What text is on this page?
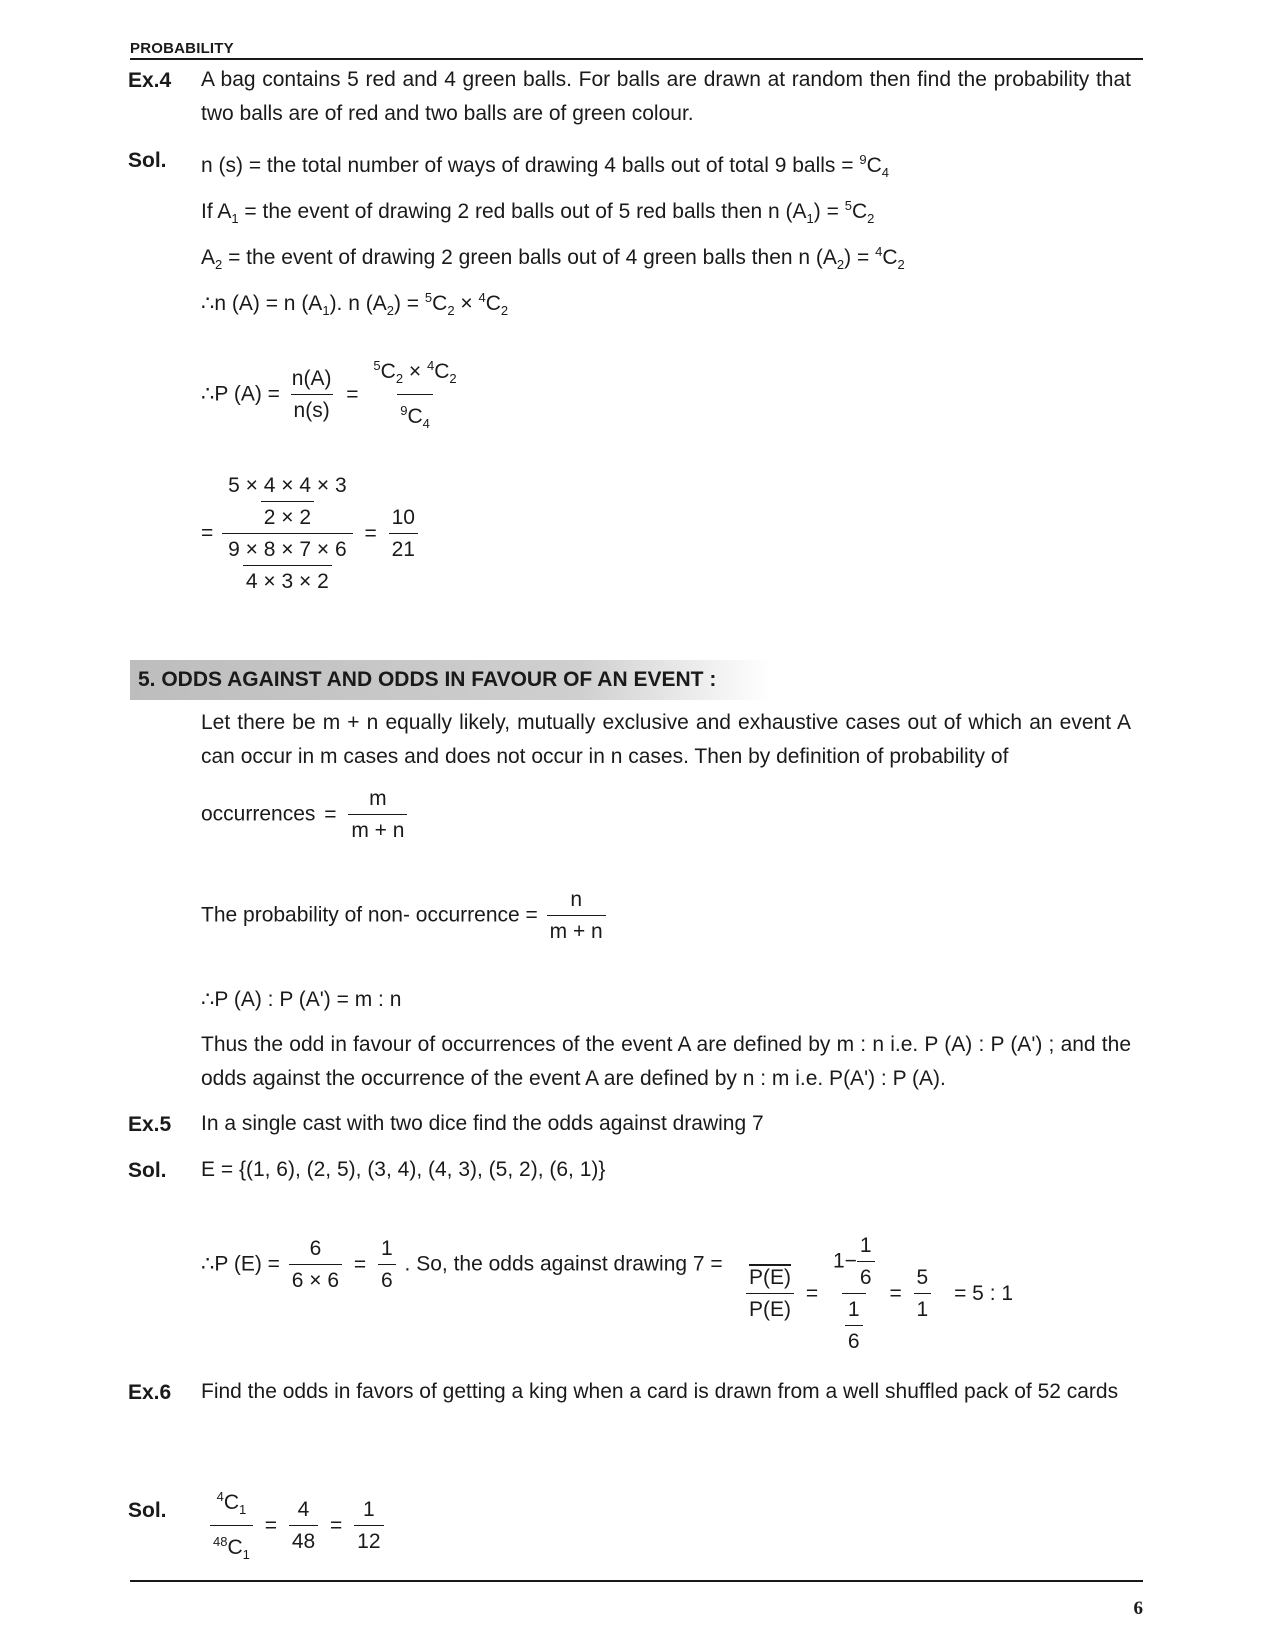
PROBABILITY
Ex.4 A bag contains 5 red and 4 green balls. For balls are drawn at random then find the probability that two balls are of red and two balls are of green colour.
Sol. n (s) = the total number of ways of drawing 4 balls out of total 9 balls = $^9C_4$
If $A_1$ = the event of drawing 2 red balls out of 5 red balls then n $(A_1) = ^5C_2$
$A_2$ = the event of drawing 2 green balls out of 4 green balls then n $(A_2) = ^4C_2$
∴n (A) = n $(A_1)$. n $(A_2) = ^5C_2 \times ^4C_2$
∴P $(A) = \frac{n(A)}{n(s)} = \frac{^5C_2 \times ^4C_2}{^9C_4}$
= $\frac{\frac{5 \times 4 \times 4 \times 3}{2 \times 2}}{\frac{9 \times 8 \times 7 \times 6}{4 \times 3 \times 2}} = \frac{10}{21}$
5. ODDS AGAINST AND ODDS IN FAVOUR OF AN EVENT :
Let there be m + n equally likely, mutually exclusive and exhaustive cases out of which an event A can occur in m cases and does not occur in n cases. Then by definition of probability of
occurrences = $\frac{m}{m + n}$
The probability of non- occurrence = $\frac{n}{m + n}$
∴P (A) : P (A') = m : n
Thus the odd in favour of occurrences of the event A are defined by m : n i.e. P (A) : P (A') ; and the odds against the occurrence of the event A are defined by n : m i.e. P(A') : P (A).
Ex.5 In a single cast with two dice find the odds against drawing 7
Sol. E = {(1, 6), (2, 5), (3, 4), (4, 3), (5, 2), (6, 1)}
∴P $(E) = \frac{6}{6 \times 6} = \frac{1}{6}$ . So, the odds against drawing $7 = \frac{P(E)}{P(E)} = \frac{1- \frac{1}{6}}{\frac{1}{6}} = \frac{5}{1} = 5$ : 1
Ex.6 Find the odds in favors of getting a king when a card is drawn from a well shuffled pack of 52 cards
Sol.	$\frac{^4C_1}{^{48}C_1} = \frac{4}{48} = \frac{1}{12}$
6
